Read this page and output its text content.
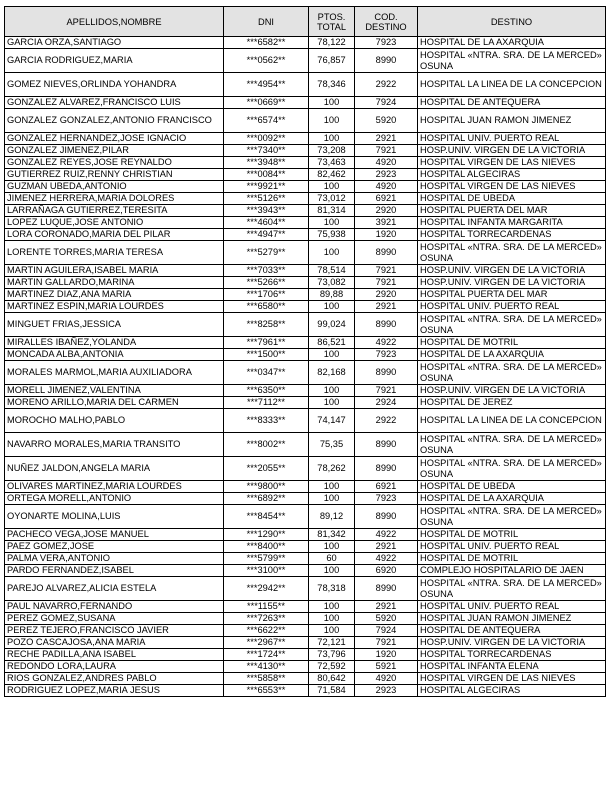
APELLIDOS,NOMBRE	DNI	PTOS. TOTAL	COD. DESTINO	DESTINO
GARCIA ORZA,SANTIAGO	***6582**	78,122	7923	HOSPITAL DE LA AXARQUIA
GARCIA RODRIGUEZ,MARIA	***0562**	76,857	8990	HOSPITAL «NTRA. SRA. DE LA MERCED» OSUNA
GOMEZ NIEVES,ORLINDA YOHANDRA	***4954**	78,346	2922	HOSPITAL LA LINEA DE LA CONCEPCION
GONZALEZ ALVAREZ,FRANCISCO LUIS	***0669**	100	7924	HOSPITAL DE ANTEQUERA
GONZALEZ GONZALEZ,ANTONIO FRANCISCO	***6574**	100	5920	HOSPITAL JUAN RAMON JIMENEZ
GONZALEZ HERNANDEZ,JOSE IGNACIO	***0092**	100	2921	HOSPITAL UNIV. PUERTO REAL
GONZALEZ JIMENEZ,PILAR	***7340**	73,208	7921	HOSP.UNIV. VIRGEN DE LA VICTORIA
GONZALEZ REYES,JOSE REYNALDO	***3948**	73,463	4920	HOSPITAL VIRGEN DE LAS NIEVES
GUTIERREZ RUIZ,RENNY CHRISTIAN	***0084**	82,462	2923	HOSPITAL ALGECIRAS
GUZMAN UBEDA,ANTONIO	***9921**	100	4920	HOSPITAL VIRGEN DE LAS NIEVES
JIMENEZ HERRERA,MARIA DOLORES	***5126**	73,012	6921	HOSPITAL DE UBEDA
LARRAÑAGA GUTIERREZ,TERESITA	***3943**	81,314	2920	HOSPITAL PUERTA DEL MAR
LOPEZ LUQUE,JOSE ANTONIO	***4604**	100	3921	HOSPITAL INFANTA MARGARITA
LORA CORONADO,MARIA DEL PILAR	***4947**	75,938	1920	HOSPITAL TORRECARDENAS
LORENTE TORRES,MARIA TERESA	***5279**	100	8990	HOSPITAL «NTRA. SRA. DE LA MERCED» OSUNA
MARTIN AGUILERA,ISABEL MARIA	***7033**	78,514	7921	HOSP.UNIV. VIRGEN DE LA VICTORIA
MARTIN GALLARDO,MARINA	***5266**	73,082	7921	HOSP.UNIV. VIRGEN DE LA VICTORIA
MARTINEZ DIAZ,ANA MARIA	***1706**	89,88	2920	HOSPITAL PUERTA DEL MAR
MARTINEZ ESPIN,MARIA LOURDES	***6580**	100	2921	HOSPITAL UNIV. PUERTO REAL
MINGUET FRIAS,JESSICA	***8258**	99,024	8990	HOSPITAL «NTRA. SRA. DE LA MERCED» OSUNA
MIRALLES IBAÑEZ,YOLANDA	***7961**	86,521	4922	HOSPITAL DE MOTRIL
MONCADA ALBA,ANTONIA	***1500**	100	7923	HOSPITAL DE LA AXARQUIA
MORALES MARMOL,MARIA AUXILIADORA	***0347**	82,168	8990	HOSPITAL «NTRA. SRA. DE LA MERCED» OSUNA
MORELL JIMENEZ,VALENTINA	***6350**	100	7921	HOSP.UNIV. VIRGEN DE LA VICTORIA
MORENO ARILLO,MARIA DEL CARMEN	***7112**	100	2924	HOSPITAL DE JEREZ
MOROCHO MALHO,PABLO	***8333**	74,147	2922	HOSPITAL LA LINEA DE LA CONCEPCION
NAVARRO MORALES,MARIA TRANSITO	***8002**	75,35	8990	HOSPITAL «NTRA. SRA. DE LA MERCED» OSUNA
NUÑEZ JALDON,ANGELA MARIA	***2055**	78,262	8990	HOSPITAL «NTRA. SRA. DE LA MERCED» OSUNA
OLIVARES MARTINEZ,MARIA LOURDES	***9800**	100	6921	HOSPITAL DE UBEDA
ORTEGA MORELL,ANTONIO	***6892**	100	7923	HOSPITAL DE LA AXARQUIA
OYONARTE MOLINA,LUIS	***8454**	89,12	8990	HOSPITAL «NTRA. SRA. DE LA MERCED» OSUNA
PACHECO VEGA,JOSE MANUEL	***1290**	81,342	4922	HOSPITAL DE MOTRIL
PAEZ GOMEZ,JOSE	***8400**	100	2921	HOSPITAL UNIV. PUERTO REAL
PALMA VERA,ANTONIO	***5799**	60	4922	HOSPITAL DE MOTRIL
PARDO FERNANDEZ,ISABEL	***3100**	100	6920	COMPLEJO HOSPITALARIO DE JAEN
PAREJO ALVAREZ,ALICIA ESTELA	***2942**	78,318	8990	HOSPITAL «NTRA. SRA. DE LA MERCED» OSUNA
PAUL NAVARRO,FERNANDO	***1155**	100	2921	HOSPITAL UNIV. PUERTO REAL
PEREZ GOMEZ,SUSANA	***7263**	100	5920	HOSPITAL JUAN RAMON JIMENEZ
PEREZ TEJERO,FRANCISCO JAVIER	***6622**	100	7924	HOSPITAL DE ANTEQUERA
POZO CASCAJOSA,ANA MARIA	***2967**	72,121	7921	HOSP.UNIV. VIRGEN DE LA VICTORIA
RECHE PADILLA,ANA ISABEL	***1724**	73,796	1920	HOSPITAL TORRECARDENAS
REDONDO LORA,LAURA	***4130**	72,592	5921	HOSPITAL INFANTA ELENA
RIOS GONZALEZ,ANDRES PABLO	***5858**	80,642	4920	HOSPITAL VIRGEN DE LAS NIEVES
RODRIGUEZ LOPEZ,MARIA JESUS	***6553**	71,584	2923	HOSPITAL ALGECIRAS
